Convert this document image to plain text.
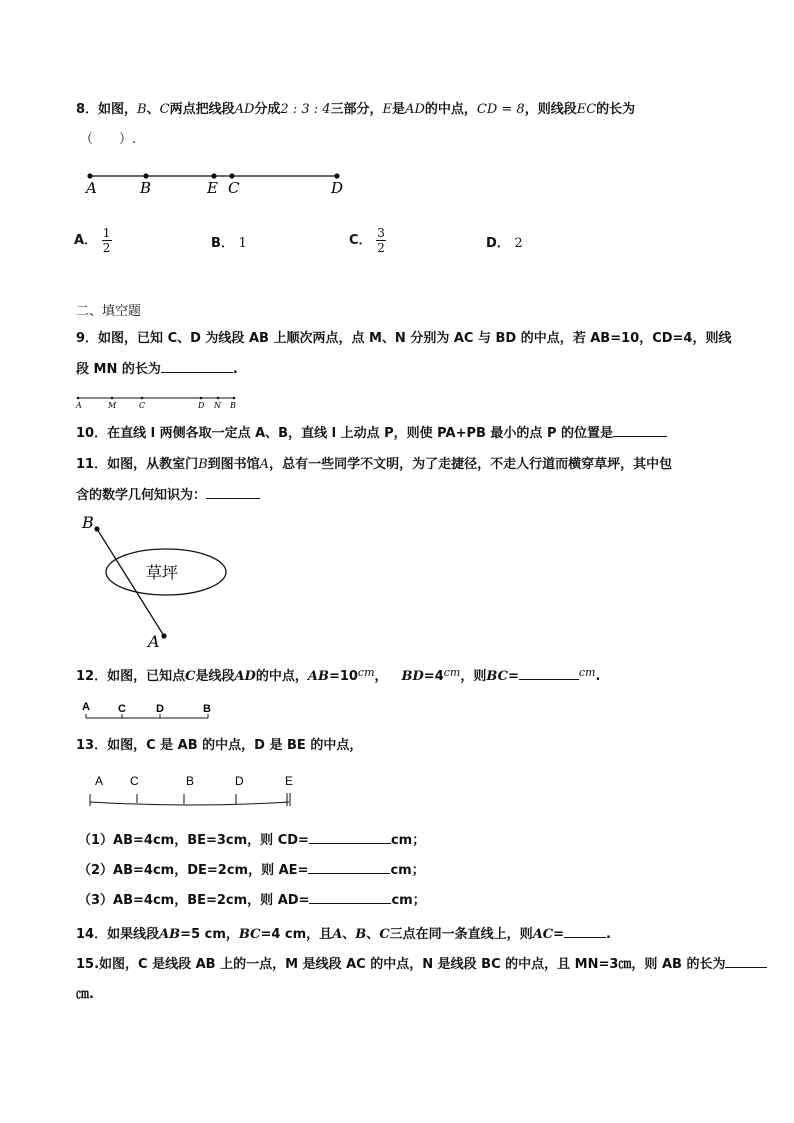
8．如图，B、C两点把线段AD分成2 : 3 : 4三部分，E是AD的中点，CD = 8，则线段EC的长为
（　　）.
A	B	E C	D
A． $\frac{1}{2}$	B． 1	C． $\frac{3}{2}$	D． 2
二、填空题
9．如图，已知 C、D 为线段 AB 上顺次两点，点 M、N 分别为 AC 与 BD 的中点，若 AB=10，CD=4，则线
段 MN 的长为	.
A	M	C	D N B
10．在直线 l 两侧各取一定点 A、B，直线 l 上动点 P，则使 PA+PB 最小的点 P 的位置是
11．如图，从教室门B到图书馆A，总有一些同学不文明，为了走捷径，不走人行道而横穿草坪，其中包
含的数学几何知识为：
B
A
草坪
12．如图，已知点C是线段AD的中点，$AB=10^{cm}$， $BD=4^{cm}$，则BC=	$^{cm}$.
A	C	D	B
13．如图，C 是 AB 的中点，D 是 BE 的中点，
A C	B	D	E
（1）AB=4cm，BE=3cm，则 CD=	cm；
（2）AB=4cm，DE=2cm，则 AE=	cm；
（3）AB=4cm，BE=2cm，则 AD=	cm；
14．如果线段AB=5 cm，BC=4 cm，且A、B、C三点在同一条直线上，则AC=	.
15.如图，C 是线段 AB 上的一点，M 是线段 AC 的中点，N 是线段 BC 的中点，且 MN=3㎝，则 AB 的长为
㎝.
